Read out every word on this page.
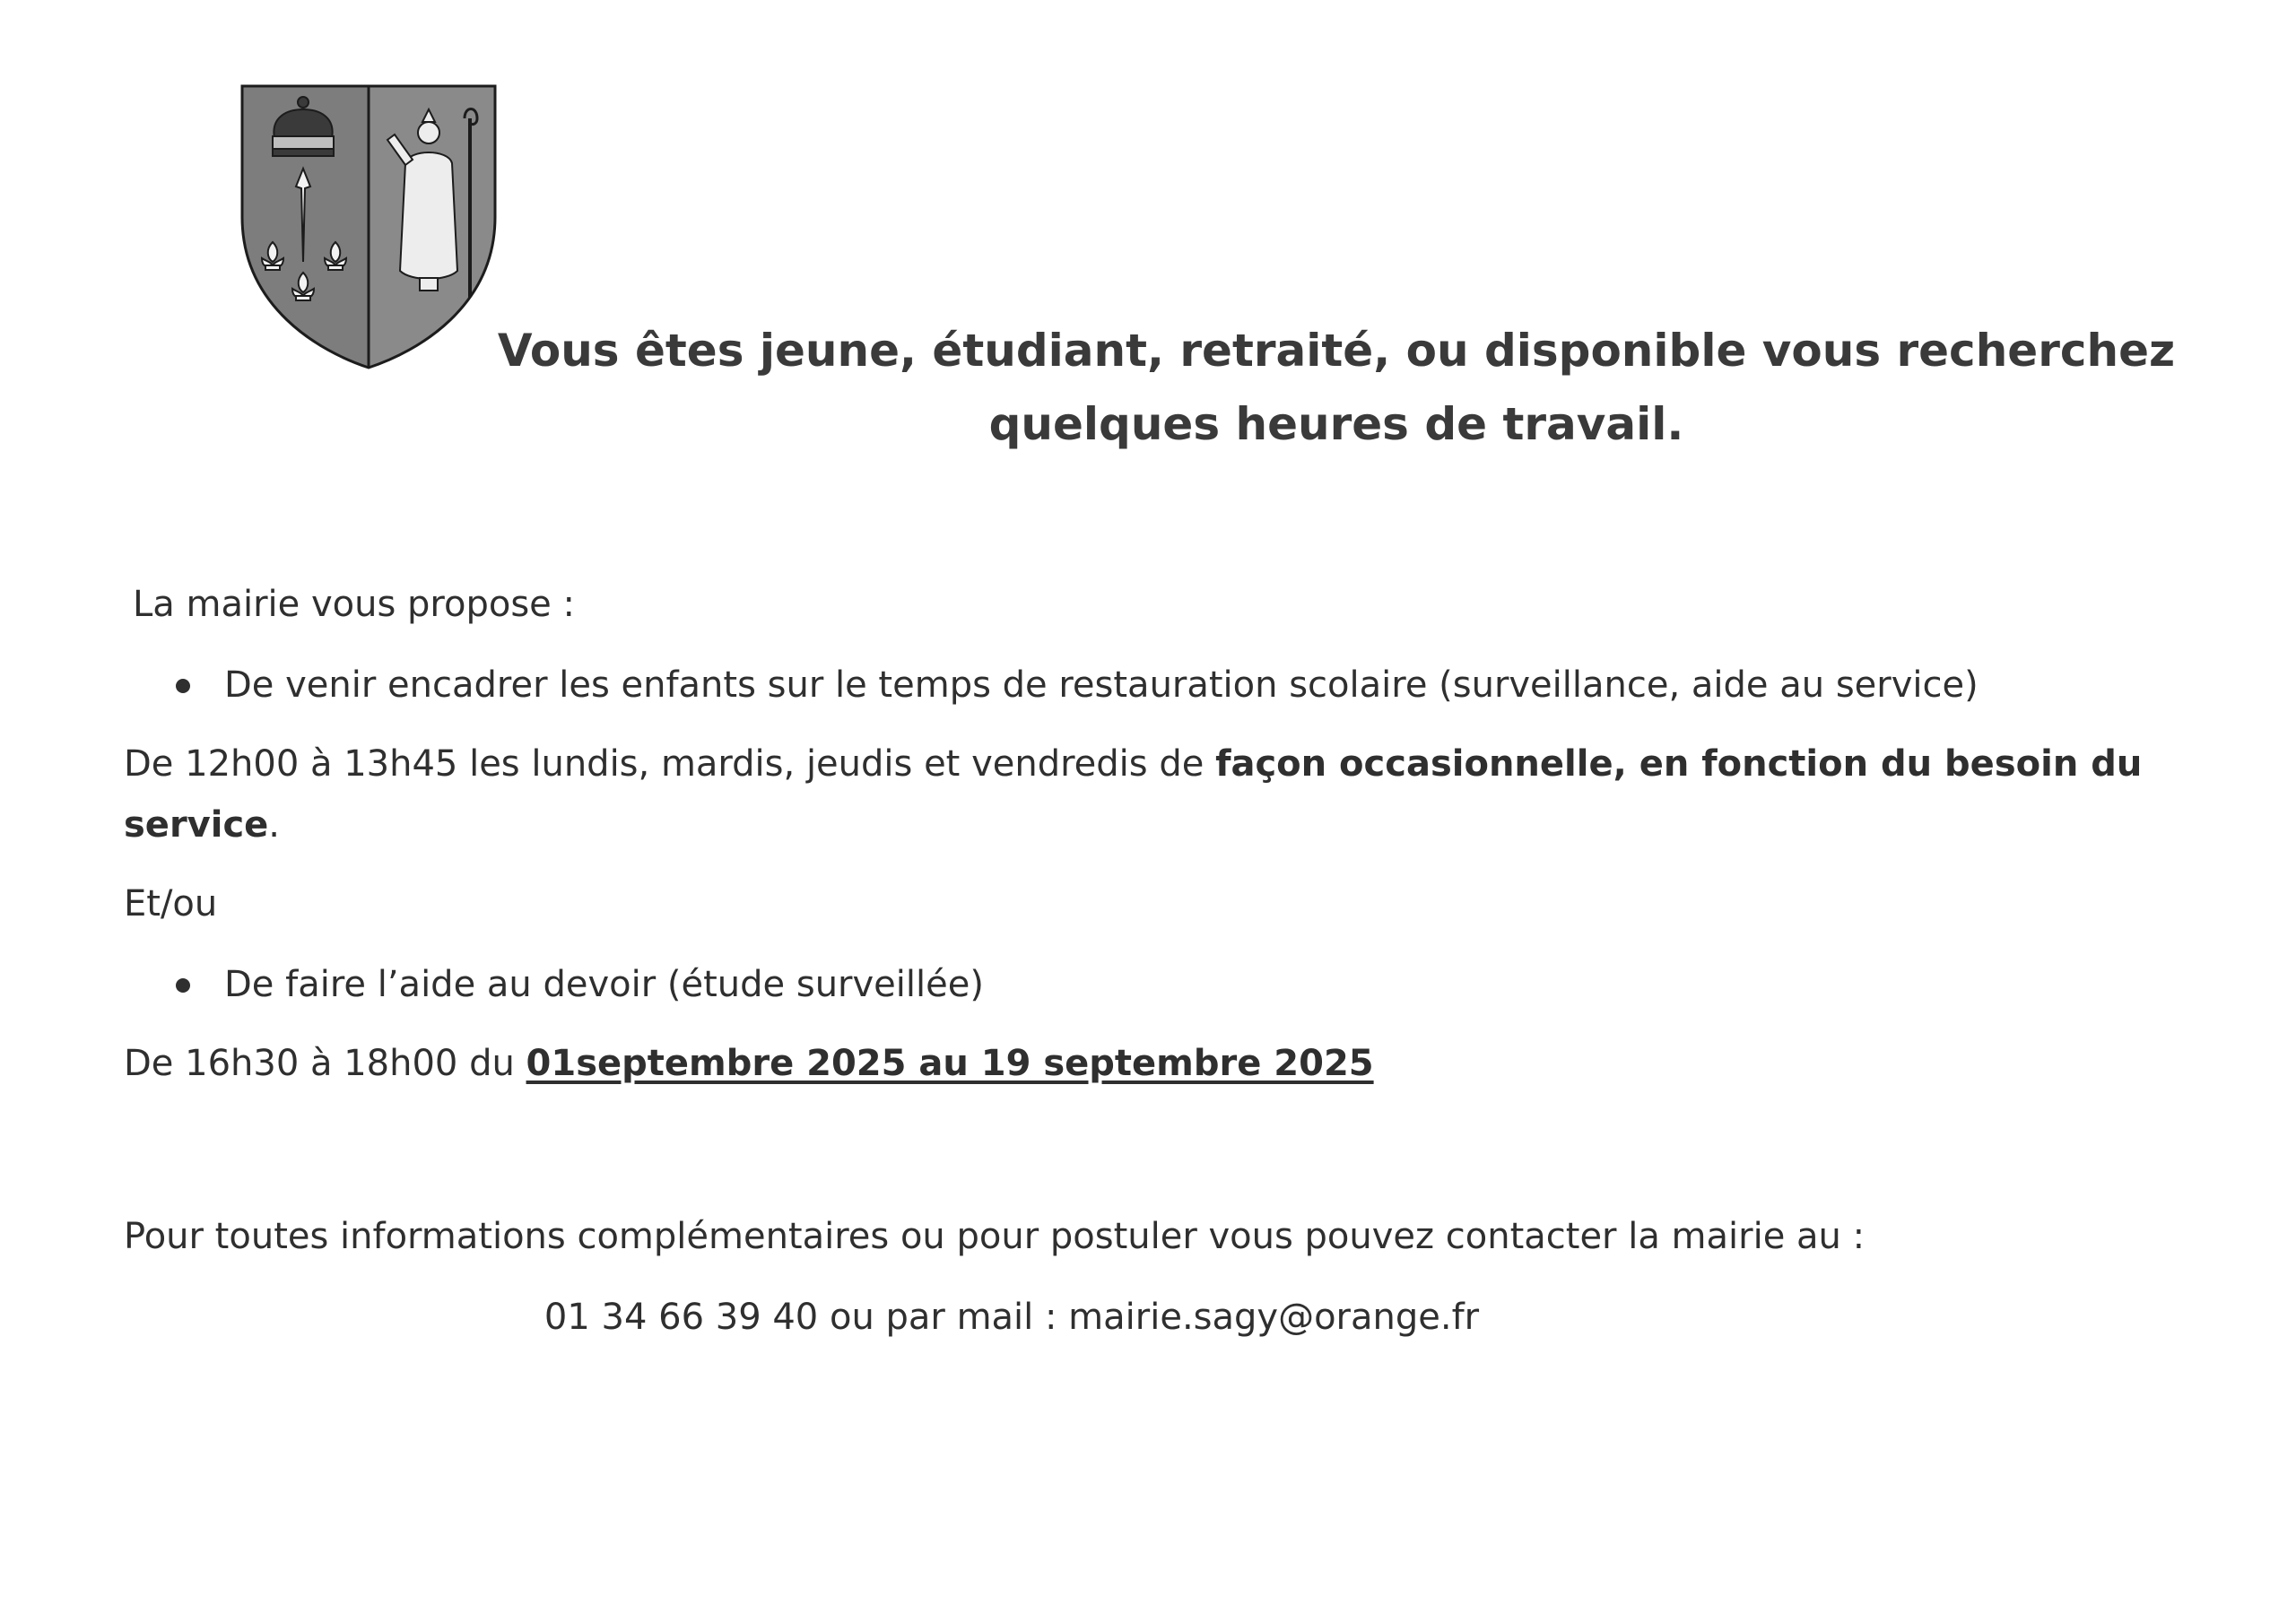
Vous êtes jeune, étudiant, retraité, ou disponible vous recherchez
quelques heures de travail.

La mairie vous propose :

De venir encadrer les enfants sur le temps de restauration scolaire (surveillance, aide au service)

De 12h00 à 13h45 les lundis, mardis, jeudis et vendredis de façon occasionnelle, en fonction du besoin du service.

Et/ou

De faire l’aide au devoir (étude surveillée)

De 16h30 à 18h00 du 01septembre 2025 au 19 septembre 2025

Pour toutes informations complémentaires ou pour postuler vous pouvez contacter la mairie au :

01 34 66 39 40 ou par mail : mairie.sagy@orange.fr
